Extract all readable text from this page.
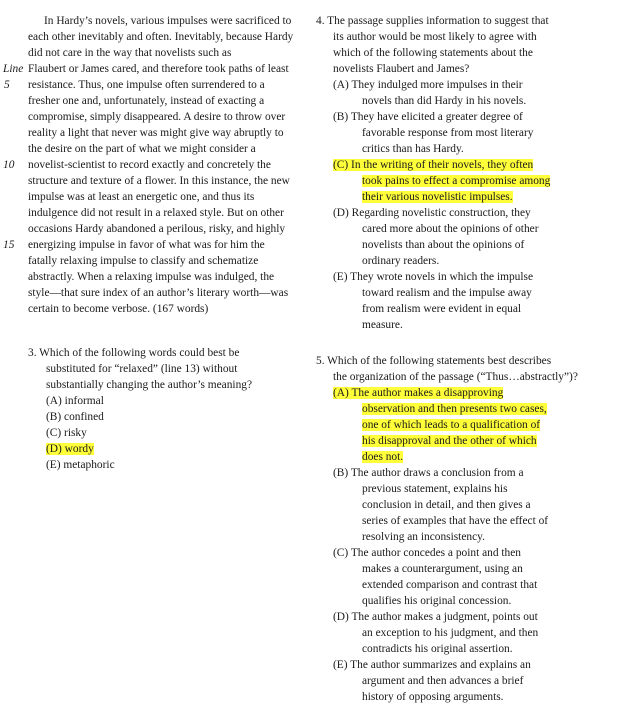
In Hardy’s novels, various impulses were sacrificed to
each other inevitably and often. Inevitably, because Hardy
did not care in the way that novelists such as
Line Flaubert or James cared, and therefore took paths of least
5 resistance. Thus, one impulse often surrendered to a
fresher one and, unfortunately, instead of exacting a
compromise, simply disappeared. A desire to throw over
reality a light that never was might give way abruptly to
the desire on the part of what we might consider a
10 novelist-scientist to record exactly and concretely the
structure and texture of a flower. In this instance, the new
impulse was at least an energetic one, and thus its
indulgence did not result in a relaxed style. But on other
occasions Hardy abandoned a perilous, risky, and highly
15 energizing impulse in favor of what was for him the
fatally relaxing impulse to classify and schematize
abstractly. When a relaxing impulse was indulged, the
style—that sure index of an author’s literary worth—was
certain to become verbose. (167 words)
3. Which of the following words could best be
substituted for “relaxed” (line 13) without
substantially changing the author’s meaning?
(A) informal
(B) confined
(C) risky
(D) wordy
(E) metaphoric
4. The passage supplies information to suggest that
its author would be most likely to agree with
which of the following statements about the
novelists Flaubert and James?
(A) They indulged more impulses in their
novels than did Hardy in his novels.
(B) They have elicited a greater degree of
favorable response from most literary
critics than has Hardy.
(C) In the writing of their novels, they often
took pains to effect a compromise among
their various novelistic impulses.
(D) Regarding novelistic construction, they
cared more about the opinions of other
novelists than about the opinions of
ordinary readers.
(E) They wrote novels in which the impulse
toward realism and the impulse away
from realism were evident in equal
measure.
5. Which of the following statements best describes
the organization of the passage (“Thus…abstractly”)?
(A) The author makes a disapproving
observation and then presents two cases,
one of which leads to a qualification of
his disapproval and the other of which
does not.
(B) The author draws a conclusion from a
previous statement, explains his
conclusion in detail, and then gives a
series of examples that have the effect of
resolving an inconsistency.
(C) The author concedes a point and then
makes a counterargument, using an
extended comparison and contrast that
qualifies his original concession.
(D) The author makes a judgment, points out
an exception to his judgment, and then
contradicts his original assertion.
(E) The author summarizes and explains an
argument and then advances a brief
history of opposing arguments.
